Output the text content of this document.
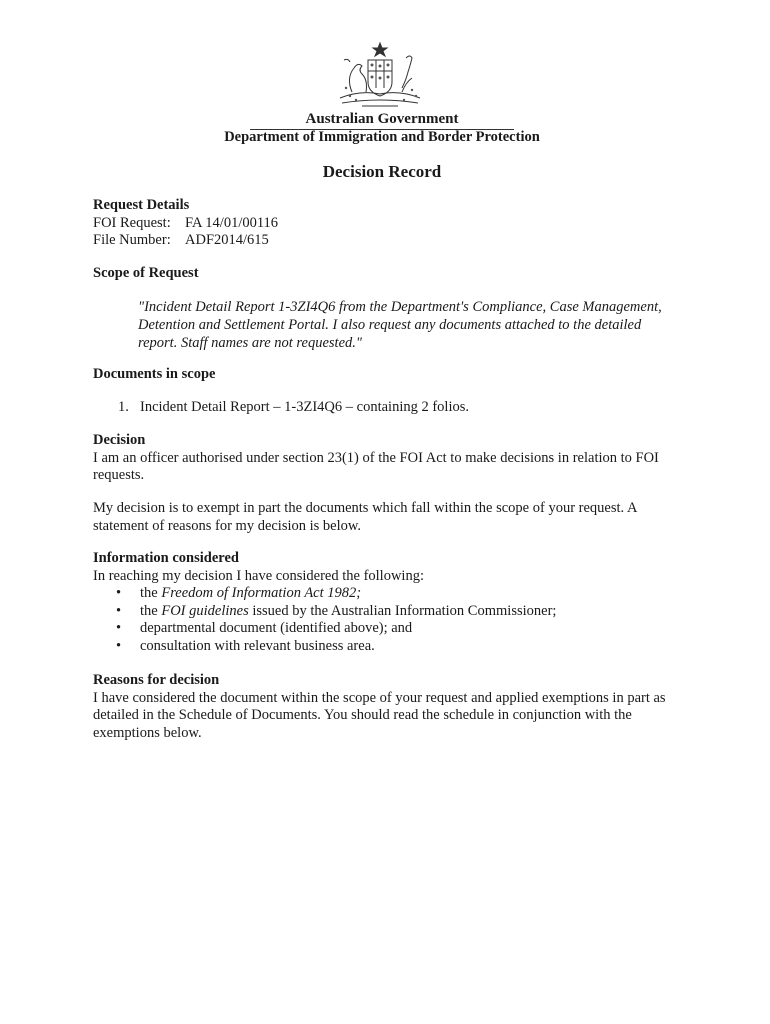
Australian Government
Department of Immigration and Border Protection
Decision Record
Request Details
FOI Request: FA 14/01/00116
File Number: ADF2014/615
Scope of Request
"Incident Detail Report 1-3ZI4Q6 from the Department's Compliance, Case Management, Detention and Settlement Portal. I also request any documents attached to the detailed report. Staff names are not requested."
Documents in scope
1. Incident Detail Report – 1-3ZI4Q6 – containing 2 folios.
Decision
I am an officer authorised under section 23(1) of the FOI Act to make decisions in relation to FOI requests.
My decision is to exempt in part the documents which fall within the scope of your request. A statement of reasons for my decision is below.
Information considered
In reaching my decision I have considered the following:
• the Freedom of Information Act 1982;
• the FOI guidelines issued by the Australian Information Commissioner;
• departmental document (identified above); and
• consultation with relevant business area.
Reasons for decision
I have considered the document within the scope of your request and applied exemptions in part as detailed in the Schedule of Documents. You should read the schedule in conjunction with the exemptions below.
